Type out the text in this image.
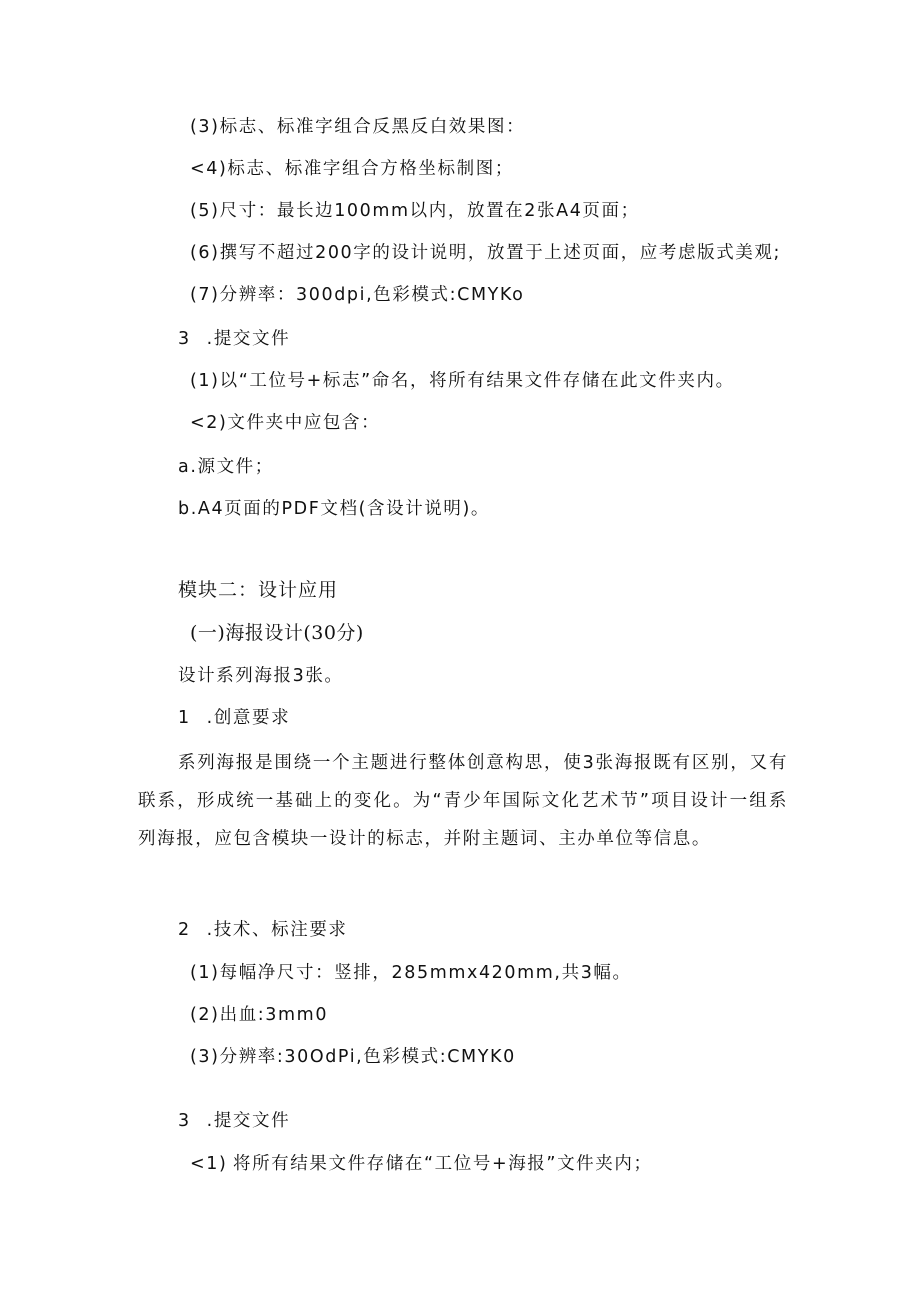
(3)标志、标准字组合反黑反白效果图：

<4)标志、标准字组合方格坐标制图；

(5)尺寸：最长边100mm以内，放置在2张A4页面；

(6)撰写不超过200字的设计说明，放置于上述页面，应考虑版式美观;

(7)分辨率：300dpi,色彩模式:CMYKo

3	.提交文件

(1)以“工位号+标志”命名，将所有结果文件存储在此文件夹内。

<2)文件夹中应包含：

a.源文件；

b.A4页面的PDF文档(含设计说明)。

模块二：设计应用

(一)海报设计(30分)

设计系列海报3张。

1	.创意要求

系列海报是围绕一个主题进行整体创意构思，使3张海报既有区别，又有联系，形成统一基础上的变化。为“青少年国际文化艺术节”项目设计一组系列海报，应包含模块一设计的标志，并附主题词、主办单位等信息。

2	.技术、标注要求

(1)每幅净尺寸：竖排，285mmx420mm,共3幅。

(2)出血:3mm0

(3)分辨率:30OdPi,色彩模式:CMYK0

3	.提交文件

<1)	将所有结果文件存储在“工位号+海报”文件夹内；
